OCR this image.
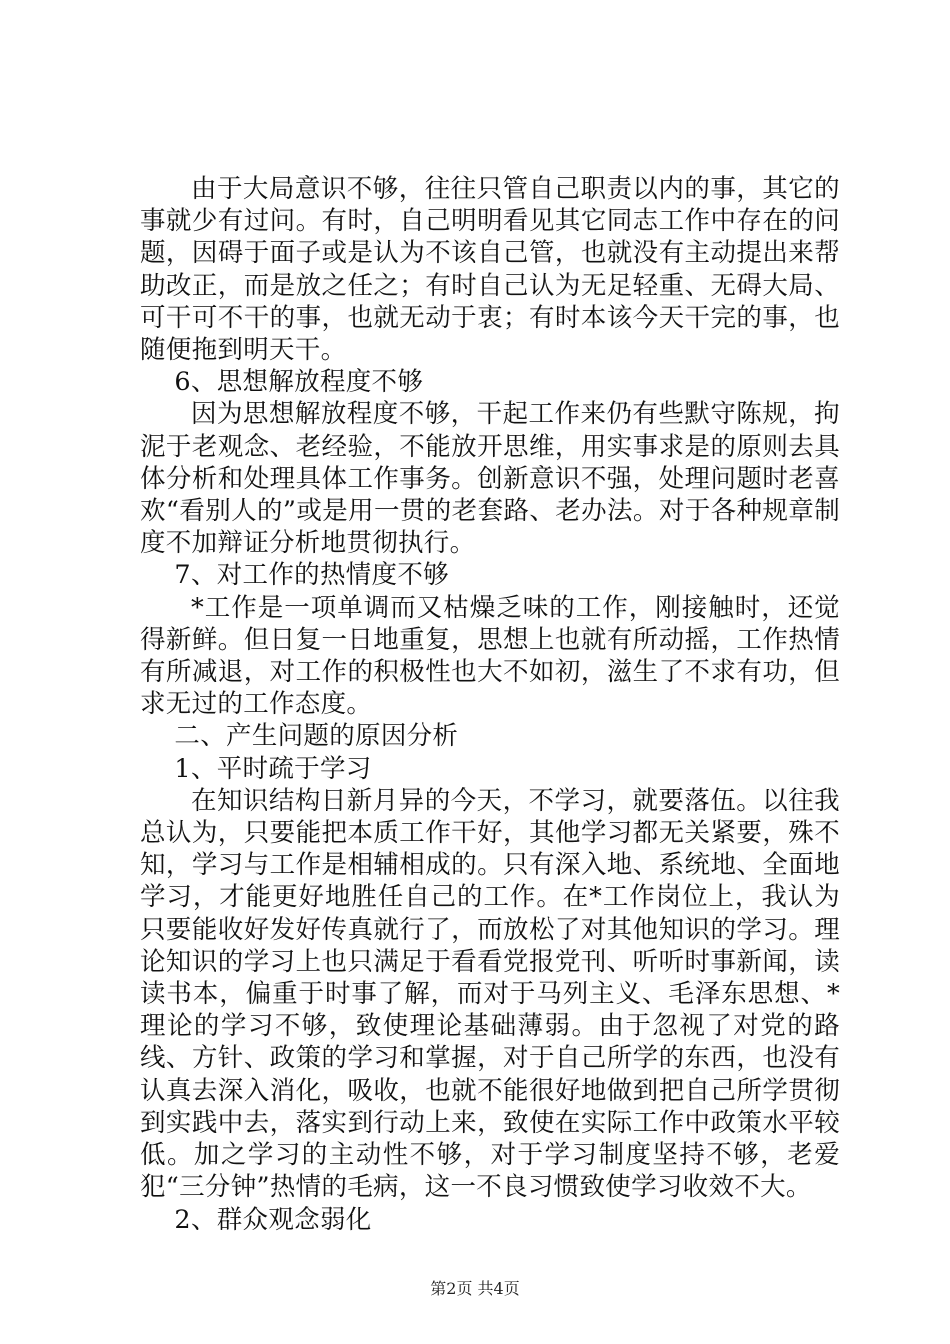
由于大局意识不够，往往只管自己职责以内的事，其它的事就少有过问。有时，自己明明看见其它同志工作中存在的问题，因碍于面子或是认为不该自己管，也就没有主动提出来帮助改正，而是放之任之；有时自己认为无足轻重、无碍大局、可干可不干的事，也就无动于衷；有时本该今天干完的事，也随便拖到明天干。

6、思想解放程度不够

因为思想解放程度不够，干起工作来仍有些默守陈规，拘泥于老观念、老经验，不能放开思维，用实事求是的原则去具体分析和处理具体工作事务。创新意识不强，处理问题时老喜欢“看别人的”或是用一贯的老套路、老办法。对于各种规章制度不加辩证分析地贯彻执行。

7、对工作的热情度不够

*工作是一项单调而又枯燥乏味的工作，刚接触时，还觉得新鲜。但日复一日地重复，思想上也就有所动摇，工作热情有所减退，对工作的积极性也大不如初，滋生了不求有功，但求无过的工作态度。

二、产生问题的原因分析

1、平时疏于学习

在知识结构日新月异的今天，不学习，就要落伍。以往我总认为，只要能把本质工作干好，其他学习都无关紧要，殊不知，学习与工作是相辅相成的。只有深入地、系统地、全面地学习，才能更好地胜任自己的工作。在*工作岗位上，我认为只要能收好发好传真就行了，而放松了对其他知识的学习。理论知识的学习上也只满足于看看党报党刊、听听时事新闻，读读书本，偏重于时事了解，而对于马列主义、毛泽东思想、*理论的学习不够，致使理论基础薄弱。由于忽视了对党的路线、方针、政策的学习和掌握，对于自己所学的东西，也没有认真去深入消化，吸收，也就不能很好地做到把自己所学贯彻到实践中去，落实到行动上来，致使在实际工作中政策水平较低。加之学习的主动性不够，对于学习制度坚持不够，老爱犯“三分钟”热情的毛病，这一不良习惯致使学习收效不大。

2、群众观念弱化

第2页 共4页
